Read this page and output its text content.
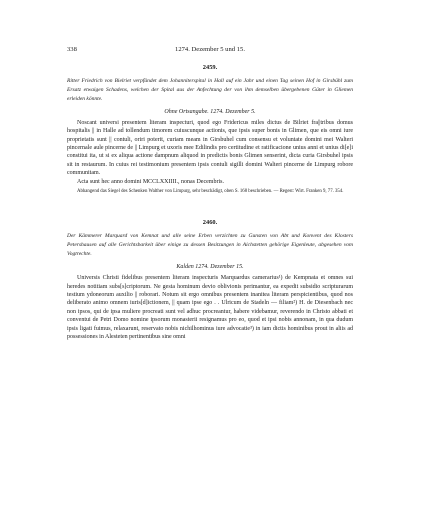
338	1274. Dezember 5 und 15.
2459.
Ritter Friedrich von Bielriet verpfändet dem Johanniterspital in Hall auf ein Jahr und einen Tag seinen Hof in Girsbühl zum Ersatz etwaigen Schadens, welchen der Spital aus der Anfechtung der von ihm demselben übergebenen Güter in Gliemen erleiden könnte.
Ohne Ortsangabe. 1274. Dezember 5.

Noscant universi presentem literam inspecturi, quod ego Fridericus miles dictus de Bilriet fra||tribus domus hospitalis || in Halle ad tollendum timorem cuiuscunque actionis, que ipsis super bonis in Glimen, que eis omni iure proprietatis sunt || contuli, oriri poterit, curiam meam in Girsbuhel cum consensu et voluntate domini mei Walteri pincernale aule pincerne de || Limpurg et uxoris mee Edilindis pro certitudine et ratificacione unius anni et unius di[e]i constitui ita, ut si ex aliqua actione dampnum aliquod in predictis bonis Glimen senserint, dicta curia Girsbuhel ipsis sit in restaurum. In cuius rei testimonium presentem ipsis contuli sigilli domini Walteri pincerne de Limpurg robore communitam.

Acta sunt hec anno domini MCCLXXIIII., nonas Decembris.

Abhangend das Siegel des Schenken Walther von Limpurg, sehr beschädigt, oben S. 168 beschrieben. — Regest: Wirt. Franken 9, 77. 354.

2460.
Der Kämmerer Marquard von Kemnat und alle seine Erben verzichten zu Gunsten von Abt und Konvent des Klosters Petershausen auf alle Gerichtsbarkeit über einige zu dessen Besitzungen in Aichstetten gehörige Eigenleute, abgesehen vom Vogtrechte.
Kalden 1274. Dezember 15.

Universis Christi fidelibus presentem literam inspecturis Marquardus camerarius¹) de Kempnata et omnes sui heredes notitiam subs[s]criptorum. Ne gesta hominum devio oblivionis perimantur, ea expedit subsidio scripturarum testium ydoneorum auxilio || roborari. Notum sit ergo omnibus presentem inanitea literam perspicientibus, quod nos deliberato animo omnem iuris[d]ictionem, || quam ipse ego . . Ulricum de Stadeln — filiam²) H. de Diesenbach nec non ipsos, qui de ipsa muliere procreati sunt vel adhuc procreantur, habere videbamur, reverendo in Christo abbati et conventui de Petri Domo nomine ipsorum monasterii resignamus pro eo, quod et ipsi nobis annonam, in qua dudum ipsis ligati fuimus, relaxarunt, reservato nobis nichilhominus iure advocatie³) in iam dictis hominibus prout in aliis ad possessiones in Alesteten pertinentibus sine omni
